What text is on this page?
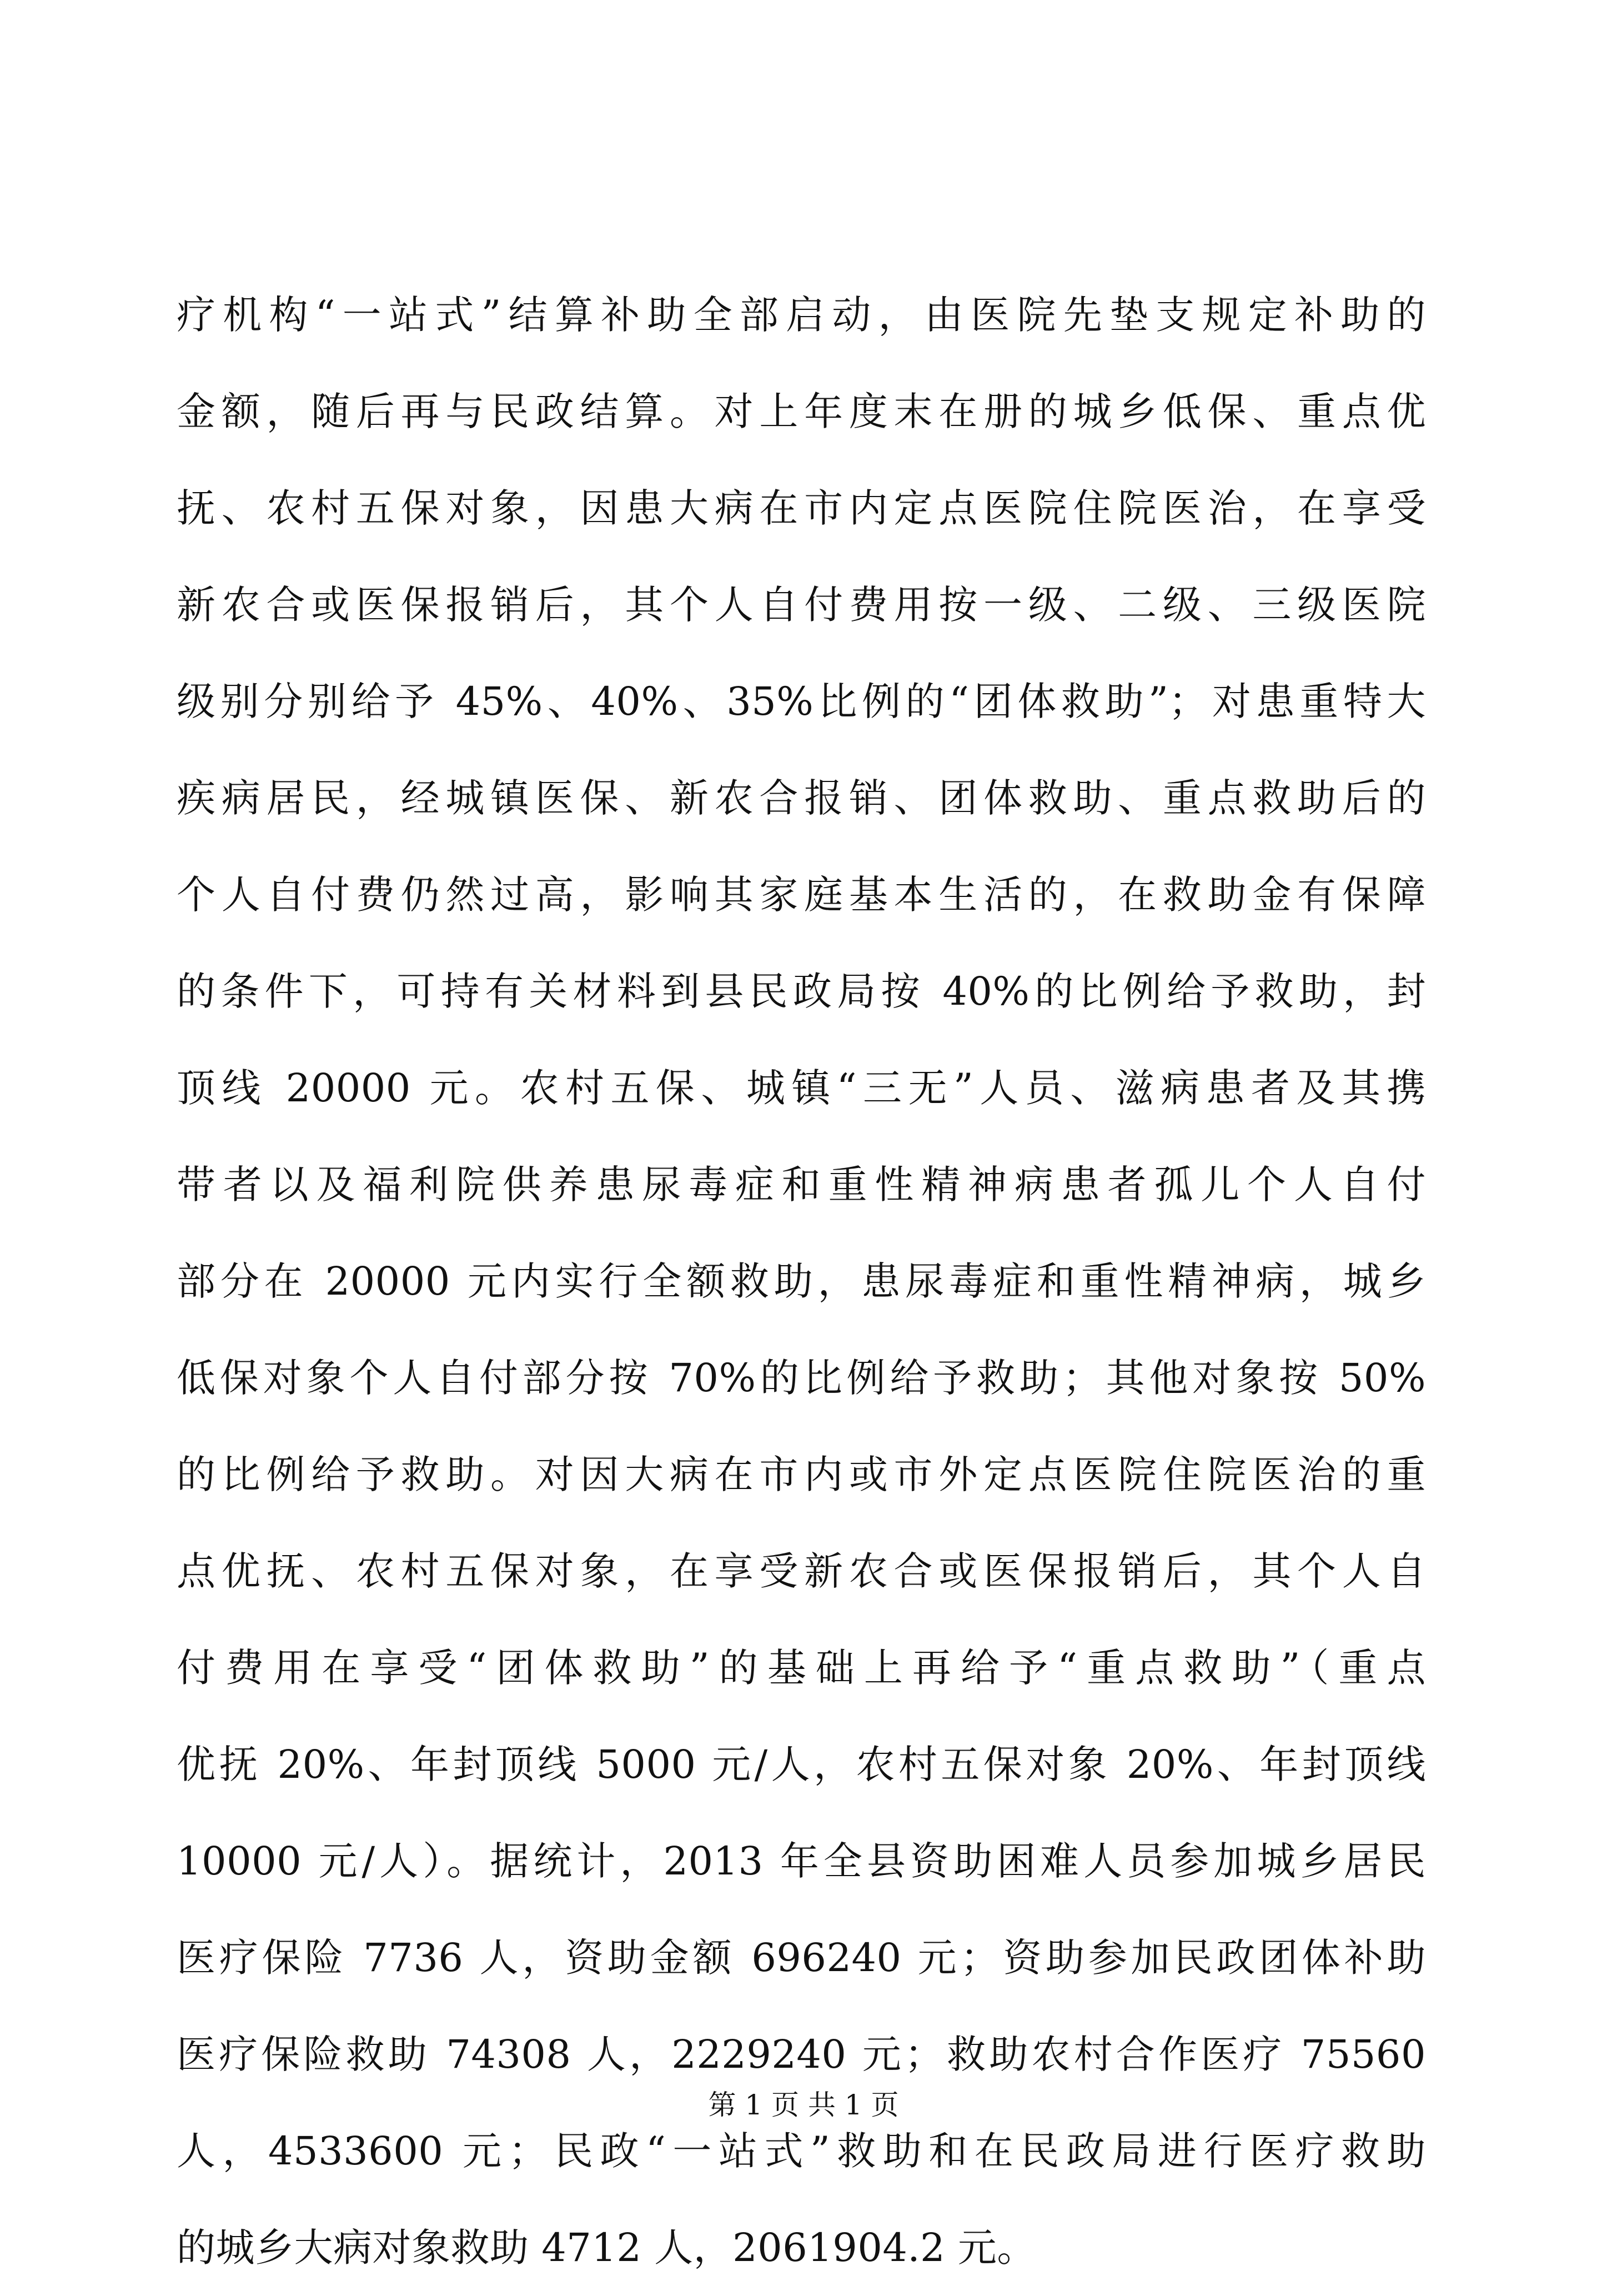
疗机构“一站式”结算补助全部启动，由医院先垫支规定补助的
金额，随后再与民政结算。对上年度末在册的城乡低保、重点优
抚、农村五保对象，因患大病在市内定点医院住院医治，在享受
新农合或医保报销后，其个人自付费用按一级、二级、三级医院
级别分别给予 45%、40%、35%比例的“团体救助”；对患重特大
疾病居民，经城镇医保、新农合报销、团体救助、重点救助后的
个人自付费仍然过高，影响其家庭基本生活的，在救助金有保障
的条件下，可持有关材料到县民政局按 40%的比例给予救助，封
顶线 20000 元。农村五保、城镇“三无”人员、滋病患者及其携
带者以及福利院供养患尿毒症和重性精神病患者孤儿个人自付
部分在 20000 元内实行全额救助，患尿毒症和重性精神病，城乡
低保对象个人自付部分按 70%的比例给予救助；其他对象按 50%
的比例给予救助。对因大病在市内或市外定点医院住院医治的重
点优抚、农村五保对象，在享受新农合或医保报销后，其个人自
付费用在享受“团体救助”的基础上再给予“重点救助”（重点
优抚 20%、年封顶线 5000 元/人，农村五保对象 20%、年封顶线
10000 元/人）。据统计，2013 年全县资助困难人员参加城乡居民
医疗保险 7736 人，资助金额 696240 元；资助参加民政团体补助
医疗保险救助 74308 人，2229240 元；救助农村合作医疗 75560
人，4533600 元；民政“一站式”救助和在民政局进行医疗救助
的城乡大病对象救助 4712 人，2061904.2 元。
第 1 页 共 1 页
